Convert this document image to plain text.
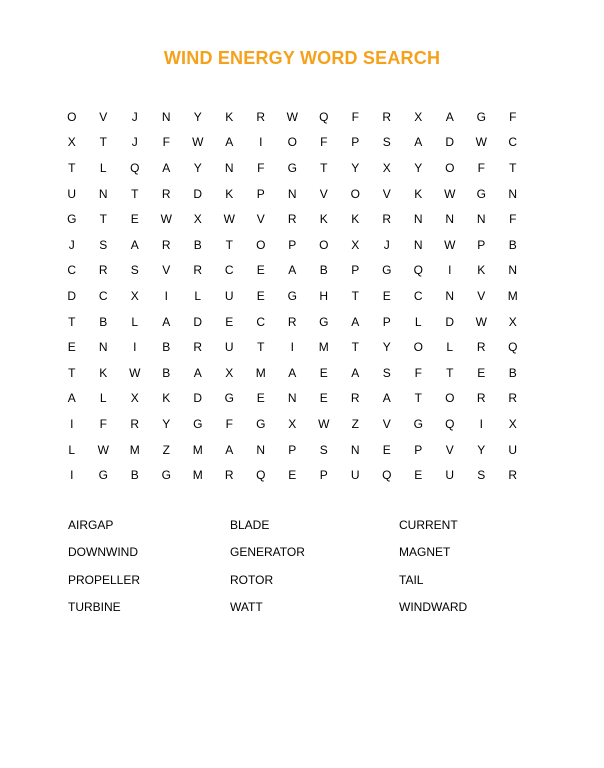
WIND ENERGY WORD SEARCH
O	V	J	N	Y	K	R	W	Q	F	R	X	A	G	F
X	T	J	F	W	A	I	O	F	P	S	A	D	W	C
T	L	Q	A	Y	N	F	G	T	Y	X	Y	O	F	T
U	N	T	R	D	K	P	N	V	O	V	K	W	G	N
G	T	E	W	X	W	V	R	K	K	R	N	N	N	F
J	S	A	R	B	T	O	P	O	X	J	N	W	P	B
C	R	S	V	R	C	E	A	B	P	G	Q	I	K	N
D	C	X	I	L	U	E	G	H	T	E	C	N	V	M
T	B	L	A	D	E	C	R	G	A	P	L	D	W	X
E	N	I	B	R	U	T	I	M	T	Y	O	L	R	Q
T	K	W	B	A	X	M	A	E	A	S	F	T	E	B
A	L	X	K	D	G	E	N	E	R	A	T	O	R	R
I	F	R	Y	G	F	G	X	W	Z	V	G	Q	I	X
L	W	M	Z	M	A	N	P	S	N	E	P	V	Y	U
I	G	B	G	M	R	Q	E	P	U	Q	E	U	S	R
AIRGAP	BLADE	CURRENT
DOWNWIND	GENERATOR	MAGNET
PROPELLER	ROTOR	TAIL
TURBINE	WATT	WINDWARD
